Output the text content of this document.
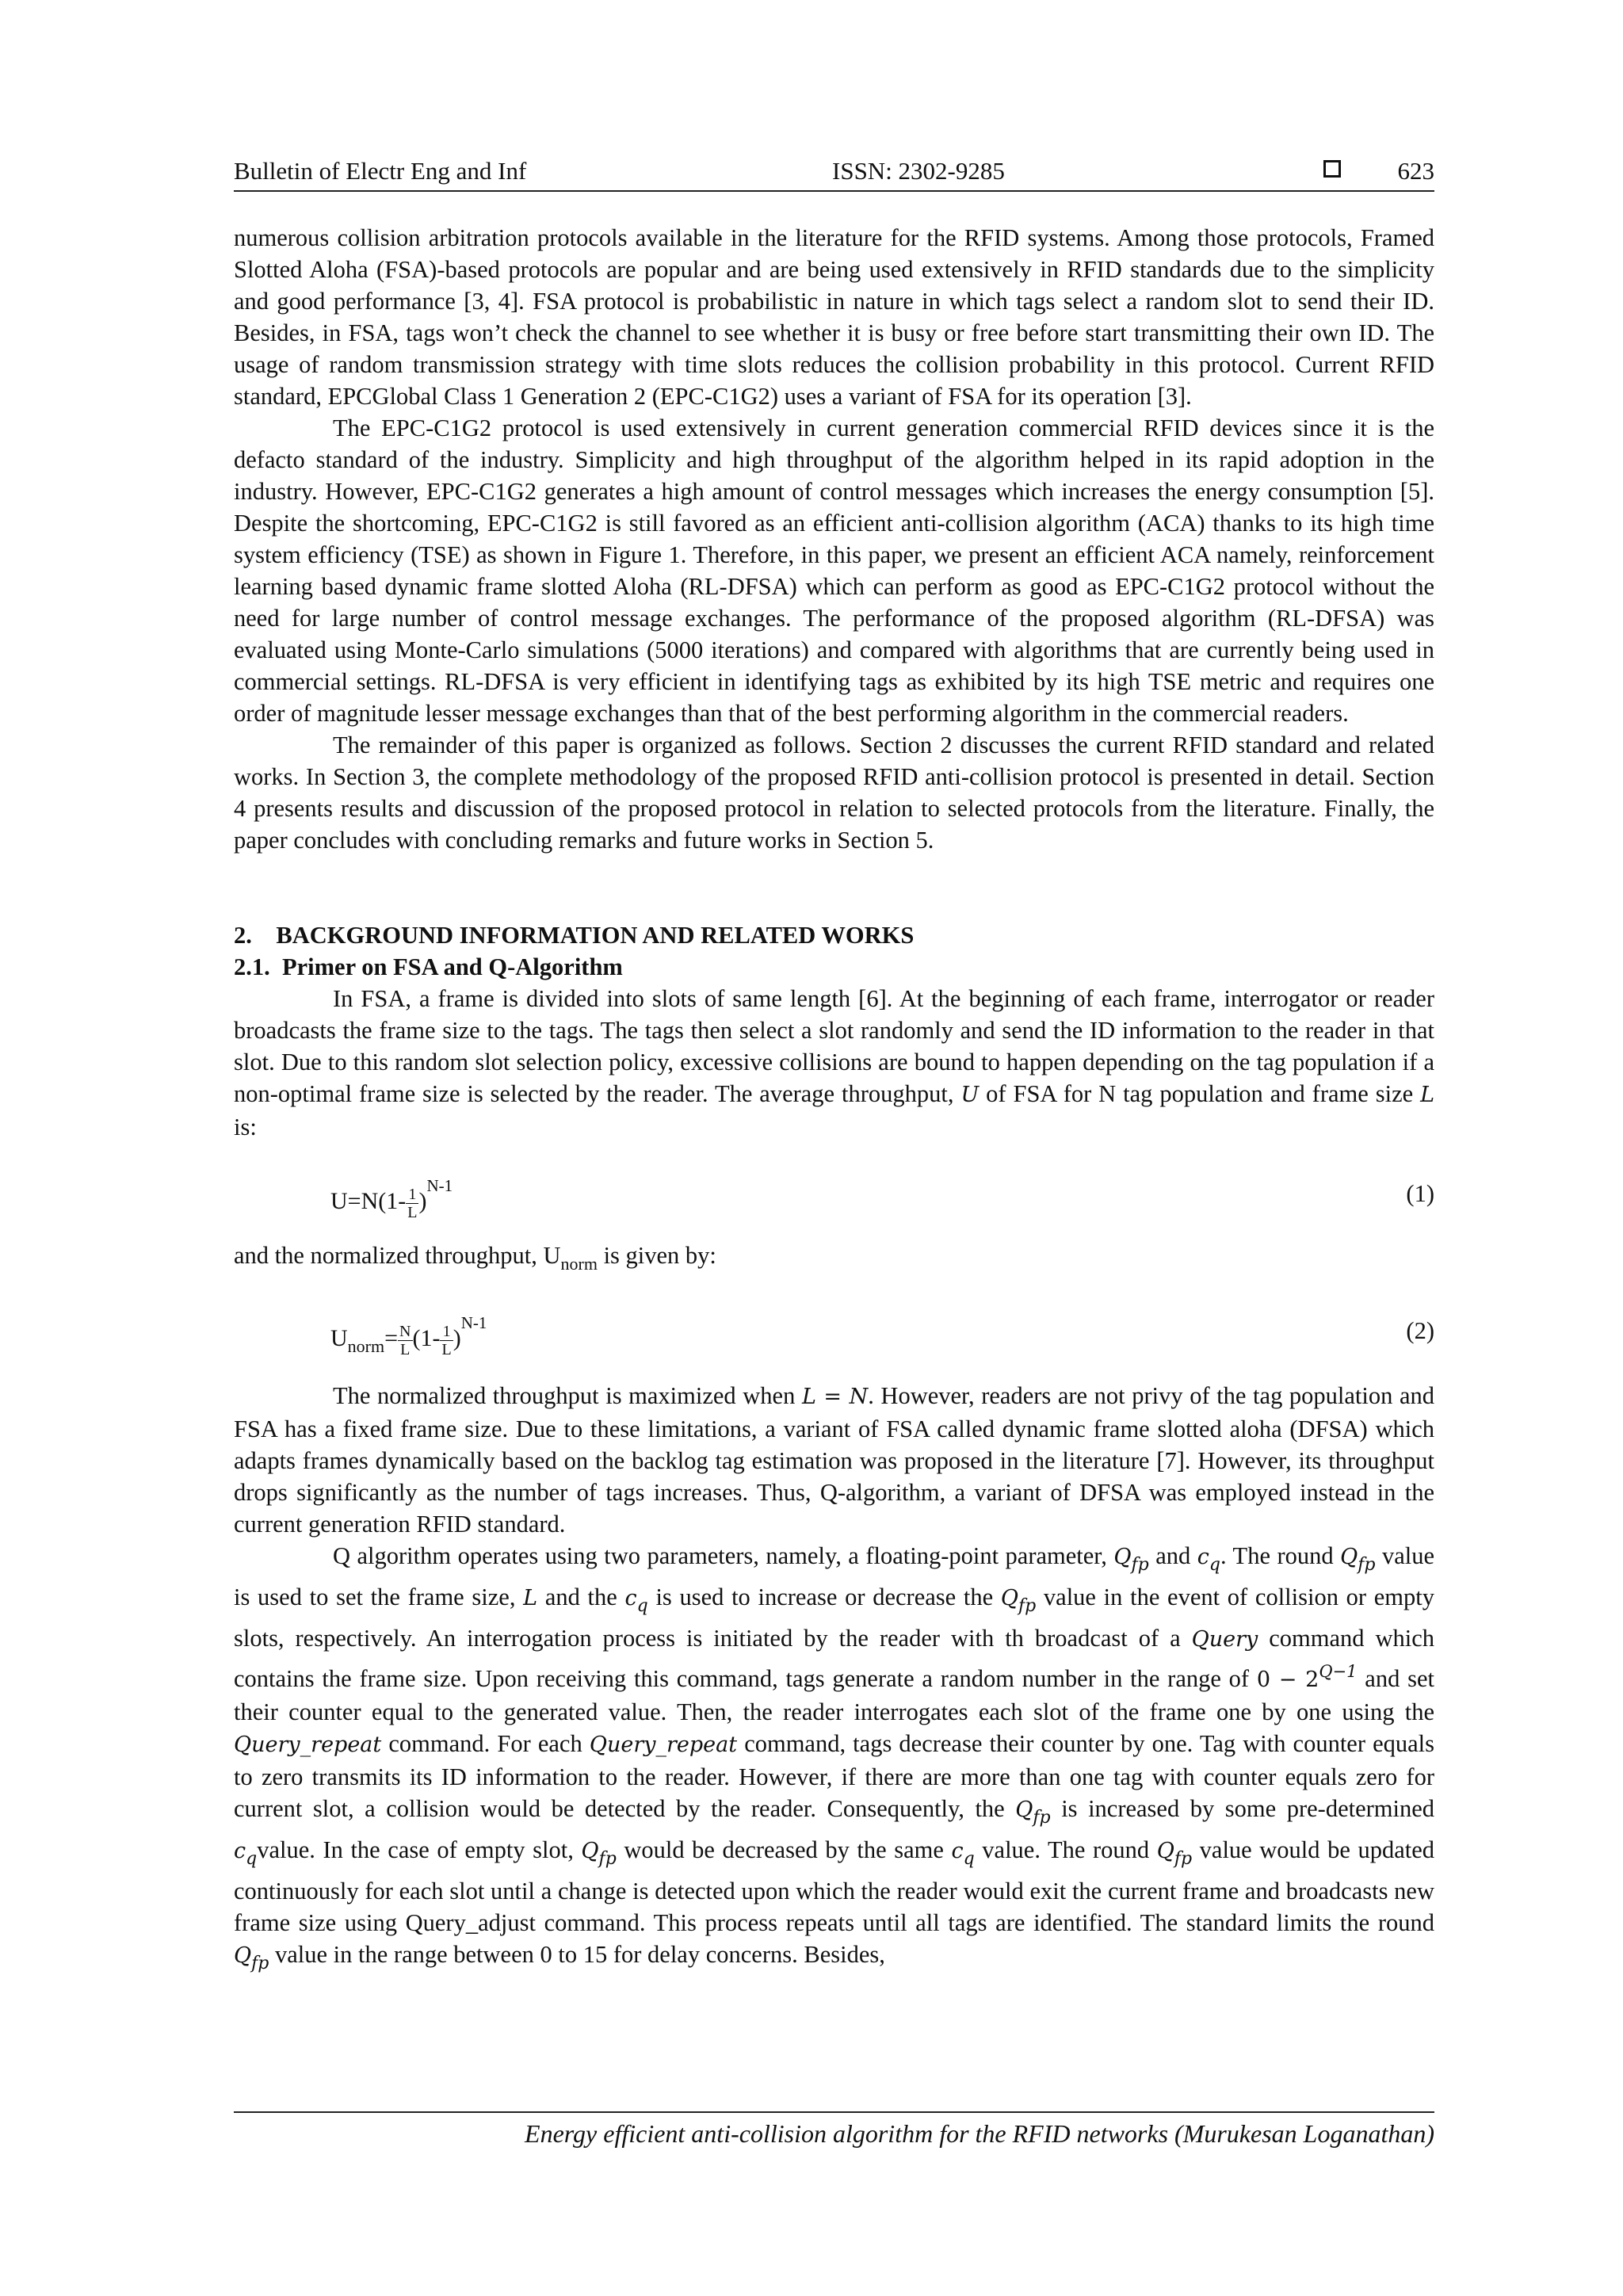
Bulletin of Electr Eng and Inf	ISSN: 2302-9285	623

numerous collision arbitration protocols available in the literature for the RFID systems. Among those protocols, Framed Slotted Aloha (FSA)-based protocols are popular and are being used extensively in RFID standards due to the simplicity and good performance [3, 4]. FSA protocol is probabilistic in nature in which tags select a random slot to send their ID. Besides, in FSA, tags won’t check the channel to see whether it is busy or free before start transmitting their own ID. The usage of random transmission strategy with time slots reduces the collision probability in this protocol. Current RFID standard, EPCGlobal Class 1 Generation 2 (EPC-C1G2) uses a variant of FSA for its operation [3].

The EPC-C1G2 protocol is used extensively in current generation commercial RFID devices since it is the defacto standard of the industry. Simplicity and high throughput of the algorithm helped in its rapid adoption in the industry. However, EPC-C1G2 generates a high amount of control messages which increases the energy consumption [5]. Despite the shortcoming, EPC-C1G2 is still favored as an efficient anti-collision algorithm (ACA) thanks to its high time system efficiency (TSE) as shown in Figure 1. Therefore, in this paper, we present an efficient ACA namely, reinforcement learning based dynamic frame slotted Aloha (RL-DFSA) which can perform as good as EPC-C1G2 protocol without the need for large number of control message exchanges. The performance of the proposed algorithm (RL-DFSA) was evaluated using Monte-Carlo simulations (5000 iterations) and compared with algorithms that are currently being used in commercial settings. RL-DFSA is very efficient in identifying tags as exhibited by its high TSE metric and requires one order of magnitude lesser message exchanges than that of the best performing algorithm in the commercial readers.

The remainder of this paper is organized as follows. Section 2 discusses the current RFID standard and related works. In Section 3, the complete methodology of the proposed RFID anti-collision protocol is presented in detail. Section 4 presents results and discussion of the proposed protocol in relation to selected protocols from the literature. Finally, the paper concludes with concluding remarks and future works in Section 5.

2.    BACKGROUND INFORMATION AND RELATED WORKS

2.1.  Primer on FSA and Q-Algorithm

In FSA, a frame is divided into slots of same length [6]. At the beginning of each frame, interrogator or reader broadcasts the frame size to the tags. The tags then select a slot randomly and send the ID information to the reader in that slot. Due to this random slot selection policy, excessive collisions are bound to happen depending on the tag population if a non-optimal frame size is selected by the reader. The average throughput, U of FSA for N tag population and frame size L is:

$U=N(1- \frac{1}{L} )^{N-1}$	(1)

and the normalized throughput, $U_{norm}$ is given by:

$U_{norm}= \frac{N}{L} (1- \frac{1}{L} )^{N-1}$	(2)

The normalized throughput is maximized when L = N. However, readers are not privy of the tag population and FSA has a fixed frame size. Due to these limitations, a variant of FSA called dynamic frame slotted aloha (DFSA) which adapts frames dynamically based on the backlog tag estimation was proposed in the literature [7]. However, its throughput drops significantly as the number of tags increases. Thus, Q-algorithm, a variant of DFSA was employed instead in the current generation RFID standard.

Q algorithm operates using two parameters, namely, a floating-point parameter, $Q_{fp}$ and $c_q$. The round $Q_{fp}$ value is used to set the frame size, L and the $c_q$ is used to increase or decrease the $Q_{fp}$ value in the event of collision or empty slots, respectively. An interrogation process is initiated by the reader with th broadcast of a Query command which contains the frame size. Upon receiving this command, tags generate a random number in the range of $0 - 2^{Q-1}$ and set their counter equal to the generated value. Then, the reader interrogates each slot of the frame one by one using the Query_repeat command. For each Query_repeat command, tags decrease their counter by one. Tag with counter equals to zero transmits its ID information to the reader. However, if there are more than one tag with counter equals zero for current slot, a collision would be detected by the reader. Consequently, the $Q_{fp}$ is increased by some pre-determined $c_qvalue$. In the case of empty slot, $Q_{fp}$ would be decreased by the same $c_q$ value. The round $Q_{fp}$ value would be updated continuously for each slot until a change is detected upon which the reader would exit the current frame and broadcasts new frame size using Query_adjust command. This process repeats until all tags are identified. The standard limits the round $Q_{fp}$ value in the range between 0 to 15 for delay concerns. Besides,

Energy efficient anti-collision algorithm for the RFID networks (Murukesan Loganathan)
